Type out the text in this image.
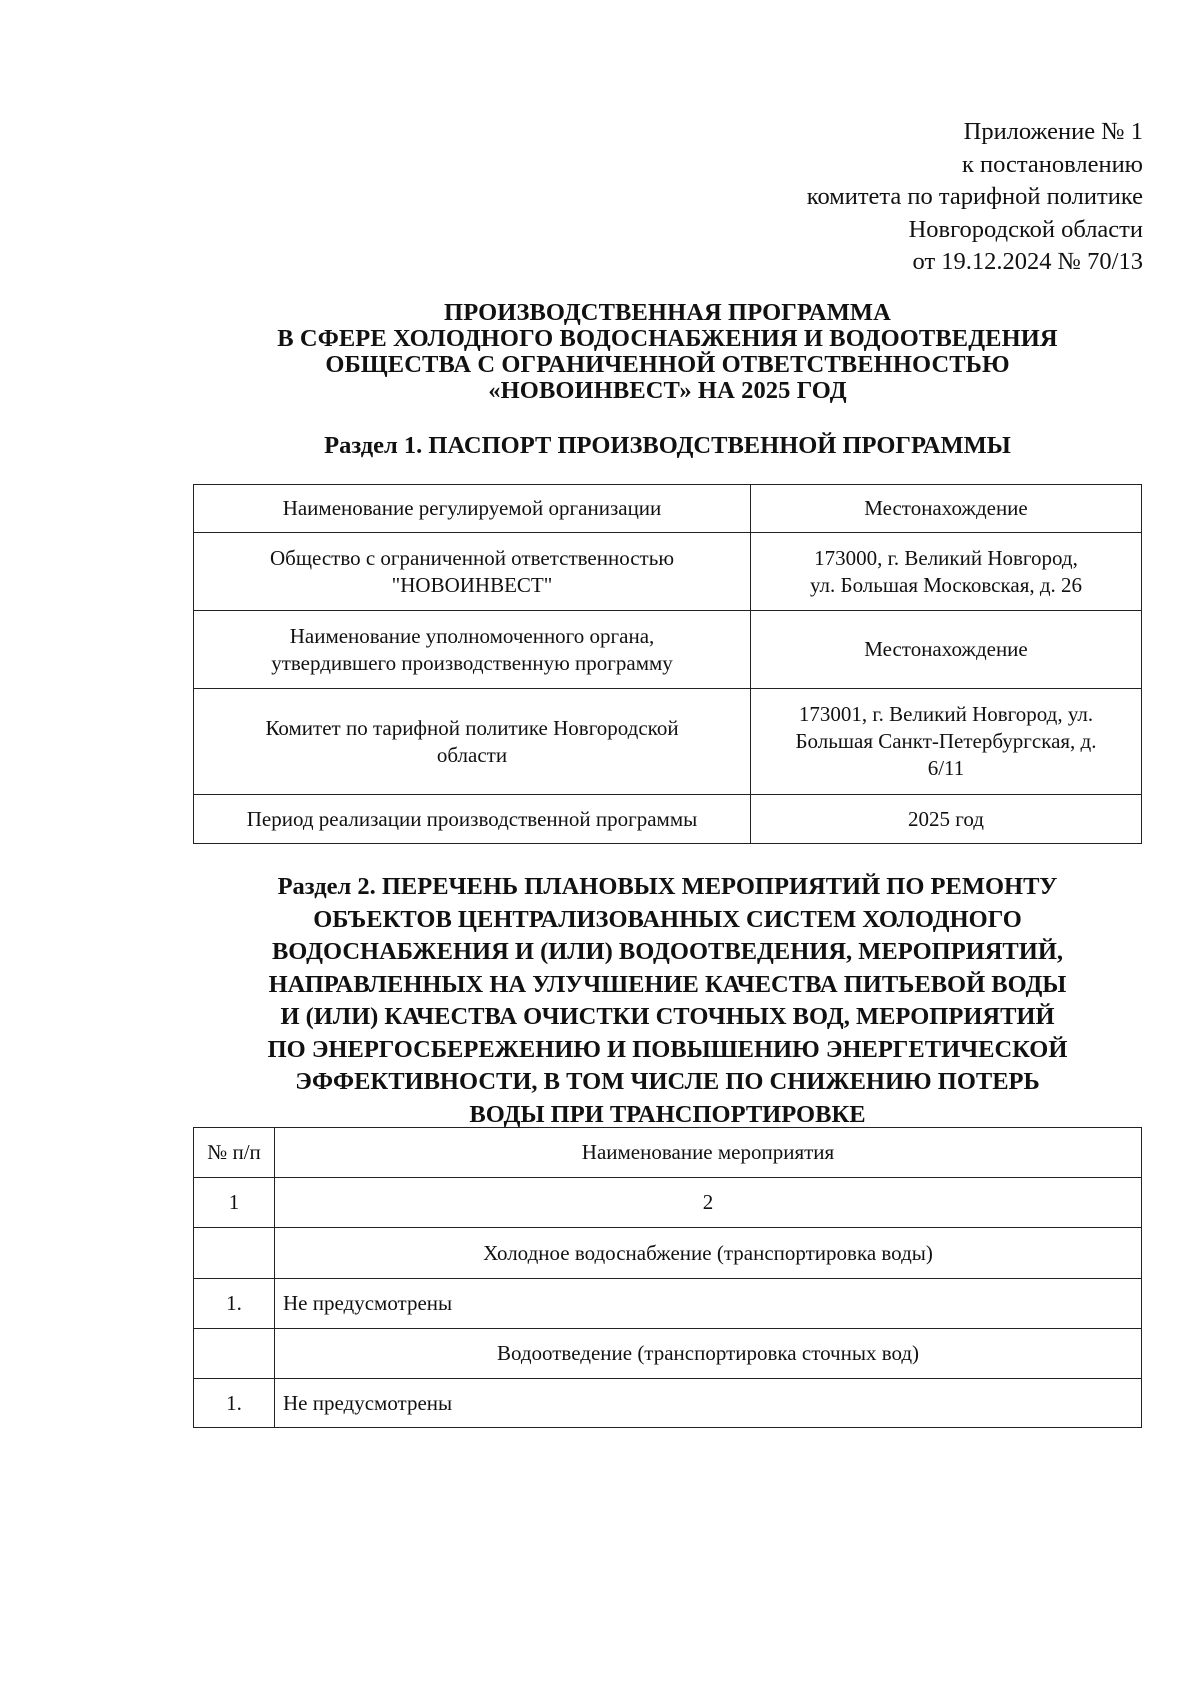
Приложение № 1
к постановлению
комитета по тарифной политике
Новгородской области
от 19.12.2024 № 70/13
ПРОИЗВОДСТВЕННАЯ ПРОГРАММА
В СФЕРЕ ХОЛОДНОГО ВОДОСНАБЖЕНИЯ И ВОДООТВЕДЕНИЯ
ОБЩЕСТВА С ОГРАНИЧЕННОЙ ОТВЕТСТВЕННОСТЬЮ
«НОВОИНВЕСТ» НА 2025 ГОД
Раздел 1. ПАСПОРТ ПРОИЗВОДСТВЕННОЙ ПРОГРАММЫ
Наименование регулируемой организации	Местонахождение
Общество с ограниченной ответственностью
"НОВОИНВЕСТ"	173000, г. Великий Новгород,
ул. Большая Московская, д. 26
Наименование уполномоченного органа,
утвердившего производственную программу	Местонахождение
Комитет по тарифной политике Новгородской
области	173001, г. Великий Новгород, ул.
Большая Санкт-Петербургская, д.
6/11
Период реализации производственной программы	2025 год
Раздел 2. ПЕРЕЧЕНЬ ПЛАНОВЫХ МЕРОПРИЯТИЙ ПО РЕМОНТУ
ОБЪЕКТОВ ЦЕНТРАЛИЗОВАННЫХ СИСТЕМ ХОЛОДНОГО
ВОДОСНАБЖЕНИЯ И (ИЛИ) ВОДООТВЕДЕНИЯ, МЕРОПРИЯТИЙ,
НАПРАВЛЕННЫХ НА УЛУЧШЕНИЕ КАЧЕСТВА ПИТЬЕВОЙ ВОДЫ
И (ИЛИ) КАЧЕСТВА ОЧИСТКИ СТОЧНЫХ ВОД, МЕРОПРИЯТИЙ
ПО ЭНЕРГОСБЕРЕЖЕНИЮ И ПОВЫШЕНИЮ ЭНЕРГЕТИЧЕСКОЙ
ЭФФЕКТИВНОСТИ, В ТОМ ЧИСЛЕ ПО СНИЖЕНИЮ ПОТЕРЬ
ВОДЫ ПРИ ТРАНСПОРТИРОВКЕ
№ п/п	Наименование мероприятия
1	2
	Холодное водоснабжение (транспортировка воды)
1.	Не предусмотрены
	Водоотведение (транспортировка сточных вод)
1.	Не предусмотрены
